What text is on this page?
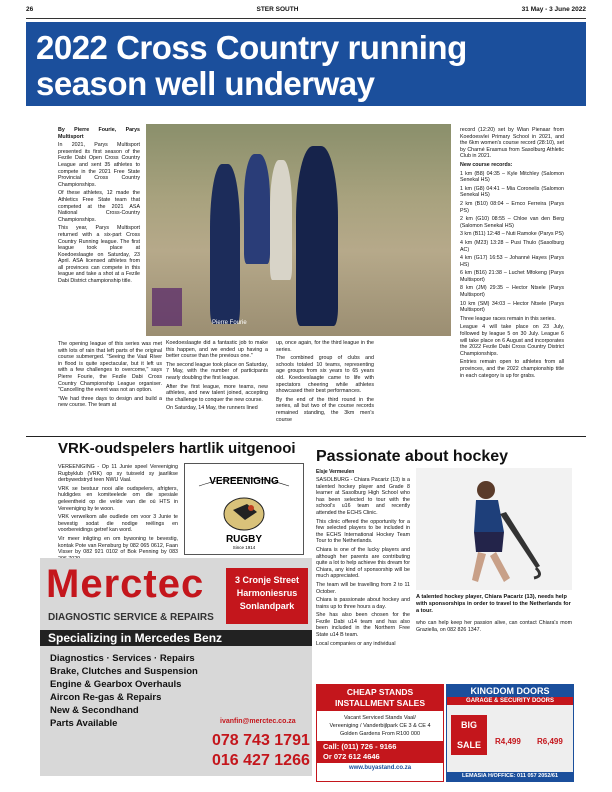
26	STER SOUTH	31 May - 3 June 2022
2022 Cross Country running
season well underway

By Pierre Fourie, Parys Multisport

In 2021, Parys Multisport presented its first season of the Fezile Dabi Open Cross Country League and sent 35 athletes to compete in the 2021 Free State Provincial Cross Country Championships.

Of these athletes, 12 made the Athletics Free State team that competed at the 2021 ASA National Cross-Country Championships.

This year, Parys Multisport returned with a six-part Cross Country Running league. The first league took place at Koedoeslaagte on Saturday, 23 April. ASA licensed athletes from all provinces can compete in this league and take a shot at a Fezile Dabi District championship title.

The opening league of this series was met with lots of rain that left parts of the original course submerged. "Seeing the Vaal River in flood is quite spectacular, but it left us with a few challenges to overcome," says Pierre Fourie, the Fezile Dabi Cross Country Championship League organiser. "Cancelling the event was not an option.

"We had three days to design and build a new course. The team at

Pierre Fourie

Koedoeslaagte did a fantastic job to make this happen, and we ended up having a better course than the previous one."

The second league took place on Saturday, 7 May, with the number of participants nearly doubling the first league.

After the first league, more teams, new athletes, and new talent joined, accepting the challenge to conquer the new course.

On Saturday, 14 May, the runners lined

up, once again, for the third league in the series.

The combined group of clubs and schools totaled 10 teams, representing age groups from six years to 65 years old. Koedoeslaagte came to life with spectators cheering while athletes showcased their best performances.

By the end of the third round in the series, all but two of the course records remained standing, the 3km men's course

record (12:20) set by Wian Pienaar from Koedoesvlei Primary School in 2021, and the 6km women's course record (28:10), set by Charné Erasmus from Sasolburg Athletic Club in 2021.

New course records:

1 km (B8) 04:35 – Kyle Mitchley (Salomon Senekal HS)

1 km (G8) 04:41 – Mia Coronelis (Salomon Senekal HS)

2 km (B10) 08:04 – Ernco Ferreira (Parys PS)

2 km (G10) 08:55 – Chloe van den Berg (Salomon Senekal HS)

3 km (B11) 12:48 – Nuti Ramoke (Parys PS)

4 km (M23) 13:28 – Pusi Thulo (Sasolburg AC)

4 km (G17) 16:53 – Johanné Hayes (Parys HS)

6 km (B16) 21:38 – Luchet Mfokeng (Parys Multisport)

8 km (JM) 29:35 – Hector Ntsele (Parys Multisport)

10 km (SM) 34:03 – Hector Ntsele (Parys Multisport)

Three league races remain in this series.

League 4 will take place on 23 July, followed by league 5 on 30 July. League 6 will take place on 6 August and incorporates the 2022 Fezile Dabi Cross Country District Championships.

Entries remain open to athletes from all provinces, and the 2022 championship title in each category is up for grabs.

VRK-oudspelers hartlik uitgenooi

VEREENIGING - Op 11 Junie speel Vereeniging Rugbyklub (VRK) op sy tuisveld sy jaarlikse derbywedstryd teen NWU Vaal.

VRK se bestuur nooi alle oudspelers, afrigters, huldigdes en komiteelede om die spesiale geleentheid op die velde van die oú HTS in Vereeniging by te woon.

VRK verwelkom alle oudlede om voor 3 Junie te bevestig sodat die nodige reëlings en voorbereidings getref kan word.

Vir meer inligting en om bywoning te bevestig, kontak Pote van Rensburg by 082 065 0612, Faan Visser by 082 921 0102 of Bok Penning by 083

VEREENIGING
RUGBY
Since 1914
Merctec
DIAGNOSTIC SERVICE & REPAIRS
3 Cronje Street
Harmoniesrus
Sonlandpark
Specializing in Mercedes Benz
Diagnostics · Services · Repairs
Brake, Clutches and Suspension
Engine & Gearbox Overhauls
Aircon Re-gas & Repairs
New & Secondhand
Parts Available	ivanfin@merctec.co.za
078 743 1791
016 427 1266
Passionate about hockey
Elsje Vermeulen

SASOLBURG - Chiara Pacariz (13) is a talented hockey player and Grade 8 learner at Sasolburg High School who has been selected to tour with the school's u16 team and recently attended the ECHS Clinic.

This clinic offered the opportunity for a few selected players to be included in the ECHS International Hockey Team Tour to the Netherlands.

Chiara is one of the lucky players and although her parents are contributing quite a lot to help achieve this dream for Chiara, any kind of sponsorship will be much appreciated.

The team will be travelling from 2 to 11 October.

Chiara is passionate about hockey and trains up to three hours a day.

She has also been chosen for the Fezile Dabi u14 team and has also been included in the Northern Free State u14 B team.

Local companies or any individual

A talented hockey player, Chiara Pacariz (13), needs help with sponsorships in order to travel to the Netherlands for a tour.

who can help keep her passion alive, can contact Chiara's mom Graziella, on 082 826 1347.

CHEAP STANDS
INSTALLMENT SALES
Vacant Serviced Stands Vaal/
Vereeniging / Vanderbijlpark CE 3 & CE 4
Golden Gardens From R100 000
Call: (011) 726 - 9166
Or 072 612 4646
www.buyastand.co.za
KINGDOM DOORS
GARAGE & SECURITY DOORS
BIG SALE	R4,499 R6,499
LEMASIA H/OFFICE: 011 057 2052/61
